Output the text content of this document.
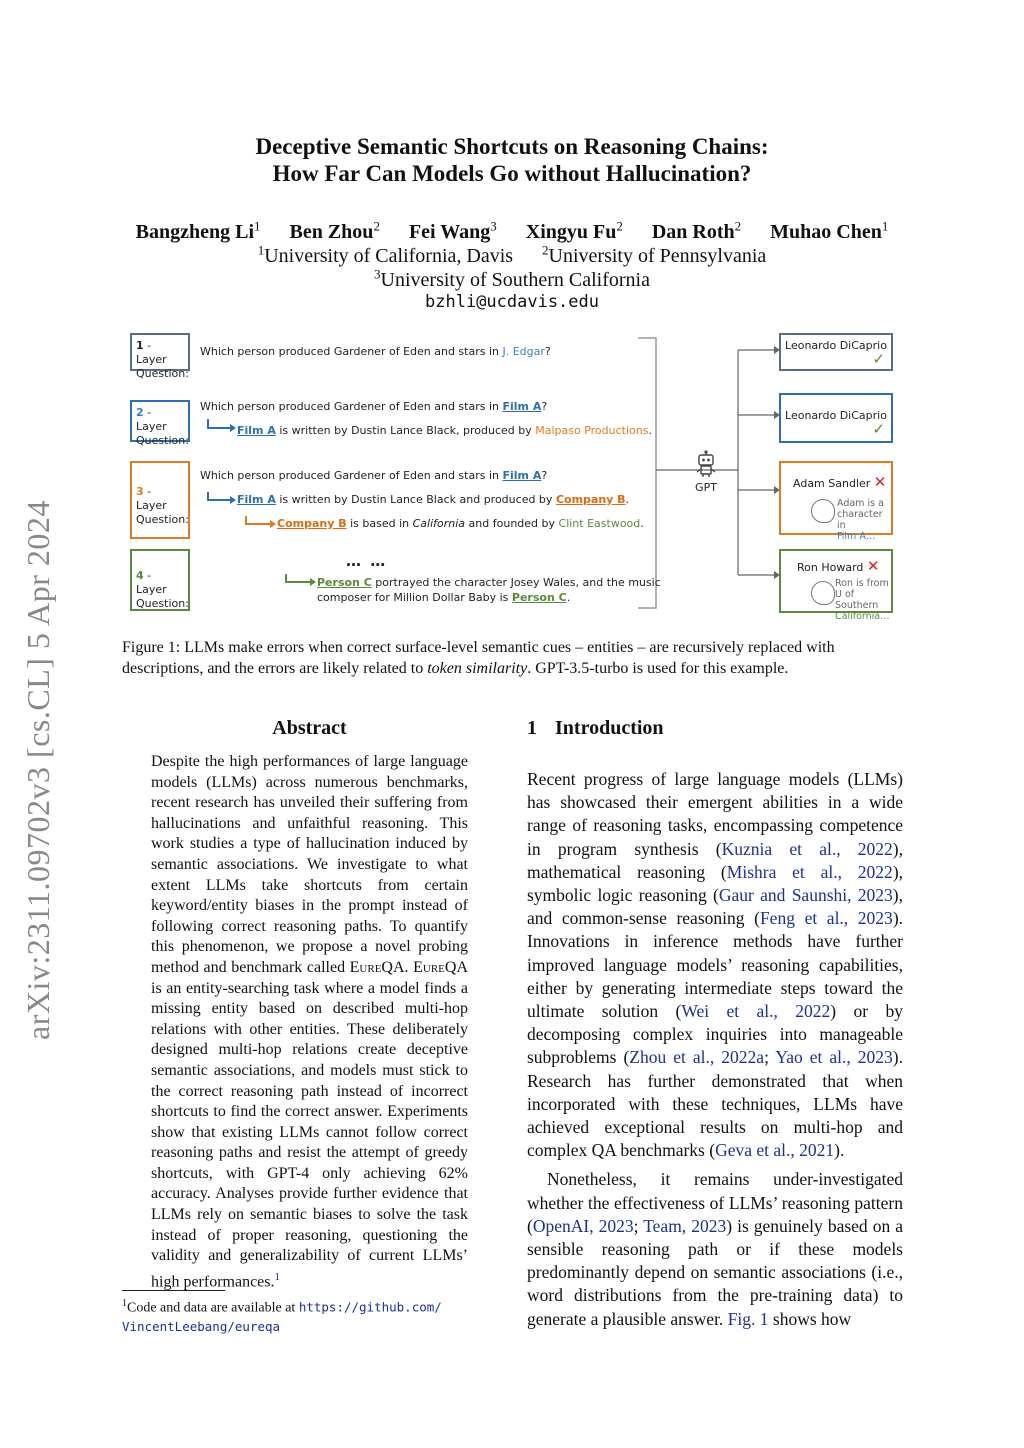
Deceptive Semantic Shortcuts on Reasoning Chains:
How Far Can Models Go without Hallucination?
Bangzheng Li$^1$ Ben Zhou$^2$ Fei Wang$^3$ Xingyu Fu$^2$ Dan Roth$^2$ Muhao Chen$^1$
$^1$University of California, Davis $^2$University of Pennsylvania
$^3$University of Southern California
bzhli@ucdavis.edu
arXiv:2311.09702v3 [cs.CL] 5 Apr 2024
1 - Layer
Question:
2 - Layer
Question:
3 - Layer
Question:
4 - Layer
Question:
Which person produced Gardener of Eden and stars in J. Edgar?
Which person produced Gardener of Eden and stars in Film A?
Film A is written by Dustin Lance Black, produced by Malpaso Productions.
Which person produced Gardener of Eden and stars in Film A?
Film A is written by Dustin Lance Black and produced by Company B.
Company B is based in California and founded by Clint Eastwood.
… …
Person C portrayed the character Josey Wales, and the music
composer for Million Dollar Baby is Person C.
GPT
Leonardo DiCaprio
✓
Leonardo DiCaprio
✓
Adam Sandler ✕
Adam is a
character in
Film A…
Ron Howard ✕
Ron is from
U of Southern
California…
Figure 1: LLMs make errors when correct surface-level semantic cues – entities – are recursively replaced with descriptions, and the errors are likely related to token similarity. GPT-3.5-turbo is used for this example.
Abstract
Despite the high performances of large language models (LLMs) across numerous benchmarks, recent research has unveiled their suffering from hallucinations and unfaithful reasoning. This work studies a type of hallucination induced by semantic associations. We investigate to what extent LLMs take shortcuts from certain keyword/entity biases in the prompt instead of following correct reasoning paths. To quantify this phenomenon, we propose a novel probing method and benchmark called EureQA. EureQA is an entity-searching task where a model finds a missing entity based on described multi-hop relations with other entities. These deliberately designed multi-hop relations create deceptive semantic associations, and models must stick to the correct reasoning path instead of incorrect shortcuts to find the correct answer. Experiments show that existing LLMs cannot follow correct reasoning paths and resist the attempt of greedy shortcuts, with GPT-4 only achieving 62% accuracy. Analyses provide further evidence that LLMs rely on semantic biases to solve the task instead of proper reasoning, questioning the validity and generalizability of current LLMs’ high performances.$^1$
$^1$Code and data are available at https://github.com/
VincentLeebang/eureqa
1 Introduction

Recent progress of large language models (LLMs) has showcased their emergent abilities in a wide range of reasoning tasks, encompassing competence in program synthesis (Kuznia et al., 2022), mathematical reasoning (Mishra et al., 2022), symbolic logic reasoning (Gaur and Saunshi, 2023), and common-sense reasoning (Feng et al., 2023). Innovations in inference methods have further improved language models’ reasoning capabilities, either by generating intermediate steps toward the ultimate solution (Wei et al., 2022) or by decomposing complex inquiries into manageable subproblems (Zhou et al., 2022a; Yao et al., 2023). Research has further demonstrated that when incorporated with these techniques, LLMs have achieved exceptional results on multi-hop and complex QA benchmarks (Geva et al., 2021).

Nonetheless, it remains under-investigated whether the effectiveness of LLMs’ reasoning pattern (OpenAI, 2023; Team, 2023) is genuinely based on a sensible reasoning path or if these models predominantly depend on semantic associations (i.e., word distributions from the pre-training data) to generate a plausible answer. Fig. 1 shows how
